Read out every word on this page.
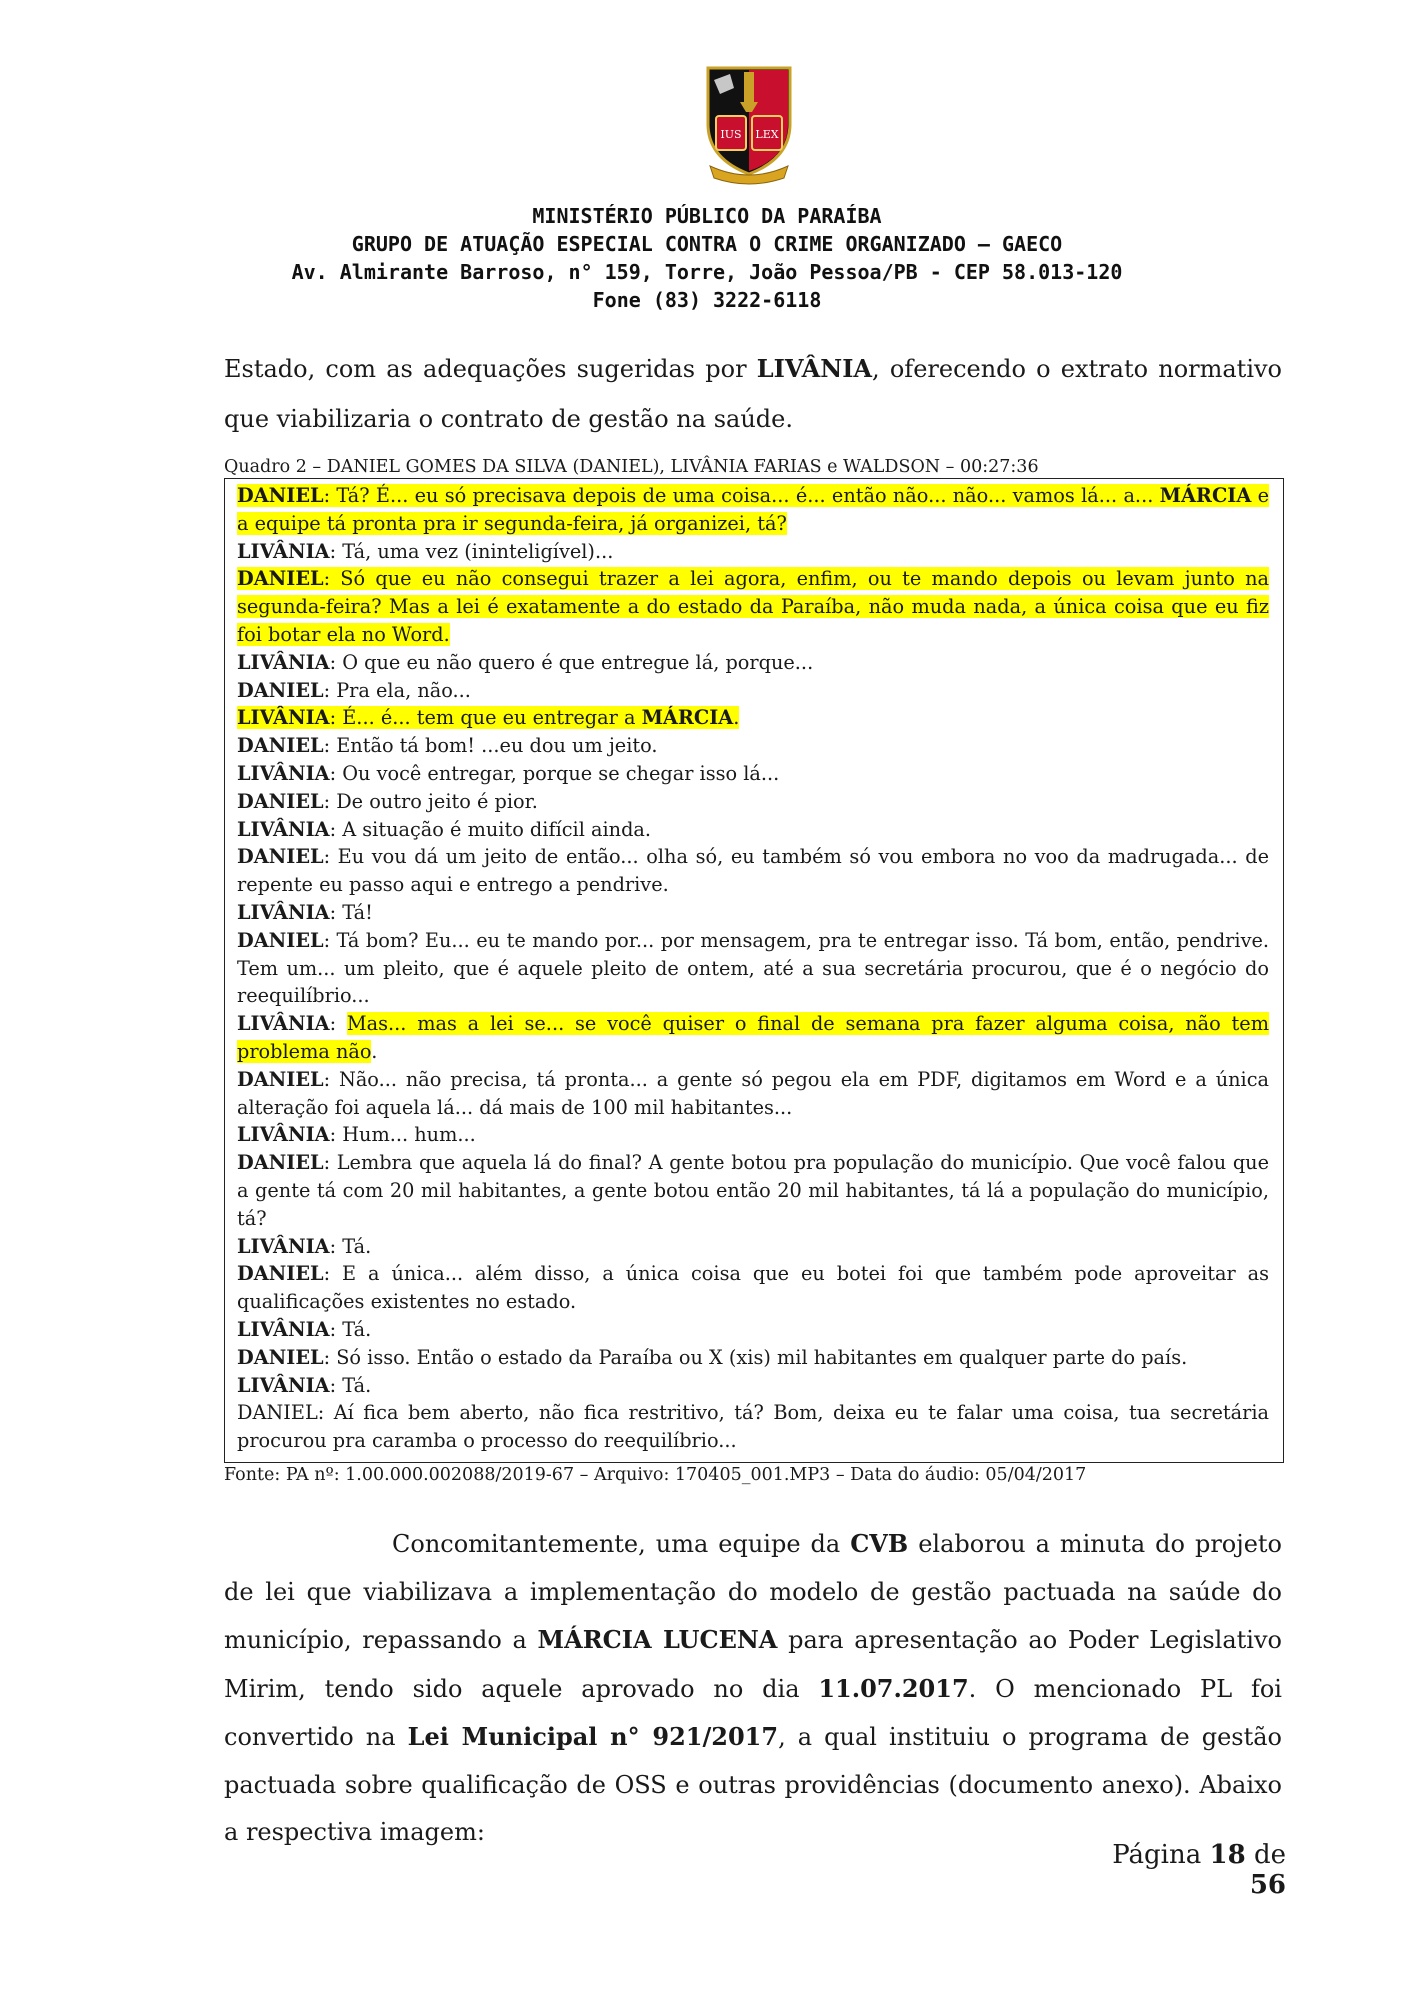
IUS LEX
MINISTÉRIO PÚBLICO DA PARAÍBA
GRUPO DE ATUAÇÃO ESPECIAL CONTRA O CRIME ORGANIZADO – GAECO
Av. Almirante Barroso, n° 159, Torre, João Pessoa/PB - CEP 58.013-120
Fone (83) 3222-6118

Estado, com as adequações sugeridas por LIVÂNIA, oferecendo o extrato normativo que viabilizaria o contrato de gestão na saúde.

Quadro 2 – DANIEL GOMES DA SILVA (DANIEL), LIVÂNIA FARIAS e WALDSON – 00:27:36
DANIEL: Tá? É... eu só precisava depois de uma coisa... é... então não... não... vamos lá... a... MÁRCIA e a equipe tá pronta pra ir segunda-feira, já organizei, tá?
LIVÂNIA: Tá, uma vez (ininteligível)...
DANIEL: Só que eu não consegui trazer a lei agora, enfim, ou te mando depois ou levam junto na segunda-feira? Mas a lei é exatamente a do estado da Paraíba, não muda nada, a única coisa que eu fiz foi botar ela no Word.
LIVÂNIA: O que eu não quero é que entregue lá, porque...
DANIEL: Pra ela, não...
LIVÂNIA: É... é... tem que eu entregar a MÁRCIA.
DANIEL: Então tá bom! ...eu dou um jeito.
LIVÂNIA: Ou você entregar, porque se chegar isso lá...
DANIEL: De outro jeito é pior.
LIVÂNIA: A situação é muito difícil ainda.
DANIEL: Eu vou dá um jeito de então... olha só, eu também só vou embora no voo da madrugada... de repente eu passo aqui e entrego a pendrive.
LIVÂNIA: Tá!
DANIEL: Tá bom? Eu... eu te mando por... por mensagem, pra te entregar isso. Tá bom, então, pendrive. Tem um... um pleito, que é aquele pleito de ontem, até a sua secretária procurou, que é o negócio do reequilíbrio...
LIVÂNIA: Mas... mas a lei se... se você quiser o final de semana pra fazer alguma coisa, não tem problema não.
DANIEL: Não... não precisa, tá pronta... a gente só pegou ela em PDF, digitamos em Word e a única alteração foi aquela lá... dá mais de 100 mil habitantes...
LIVÂNIA: Hum... hum...
DANIEL: Lembra que aquela lá do final? A gente botou pra população do município. Que você falou que a gente tá com 20 mil habitantes, a gente botou então 20 mil habitantes, tá lá a população do município, tá?
LIVÂNIA: Tá.
DANIEL: E a única... além disso, a única coisa que eu botei foi que também pode aproveitar as qualificações existentes no estado.
LIVÂNIA: Tá.
DANIEL: Só isso. Então o estado da Paraíba ou X (xis) mil habitantes em qualquer parte do país.
LIVÂNIA: Tá.
DANIEL: Aí fica bem aberto, não fica restritivo, tá? Bom, deixa eu te falar uma coisa, tua secretária procurou pra caramba o processo do reequilíbrio...
Fonte: PA nº: 1.00.000.002088/2019-67 – Arquivo: 170405_001.MP3 – Data do áudio: 05/04/2017

Concomitantemente, uma equipe da CVB elaborou a minuta do projeto de lei que viabilizava a implementação do modelo de gestão pactuada na saúde do município, repassando a MÁRCIA LUCENA para apresentação ao Poder Legislativo Mirim, tendo sido aquele aprovado no dia 11.07.2017. O mencionado PL foi convertido na Lei Municipal n° 921/2017, a qual instituiu o programa de gestão pactuada sobre qualificação de OSS e outras providências (documento anexo). Abaixo a respectiva imagem:

Página 18 de 56
